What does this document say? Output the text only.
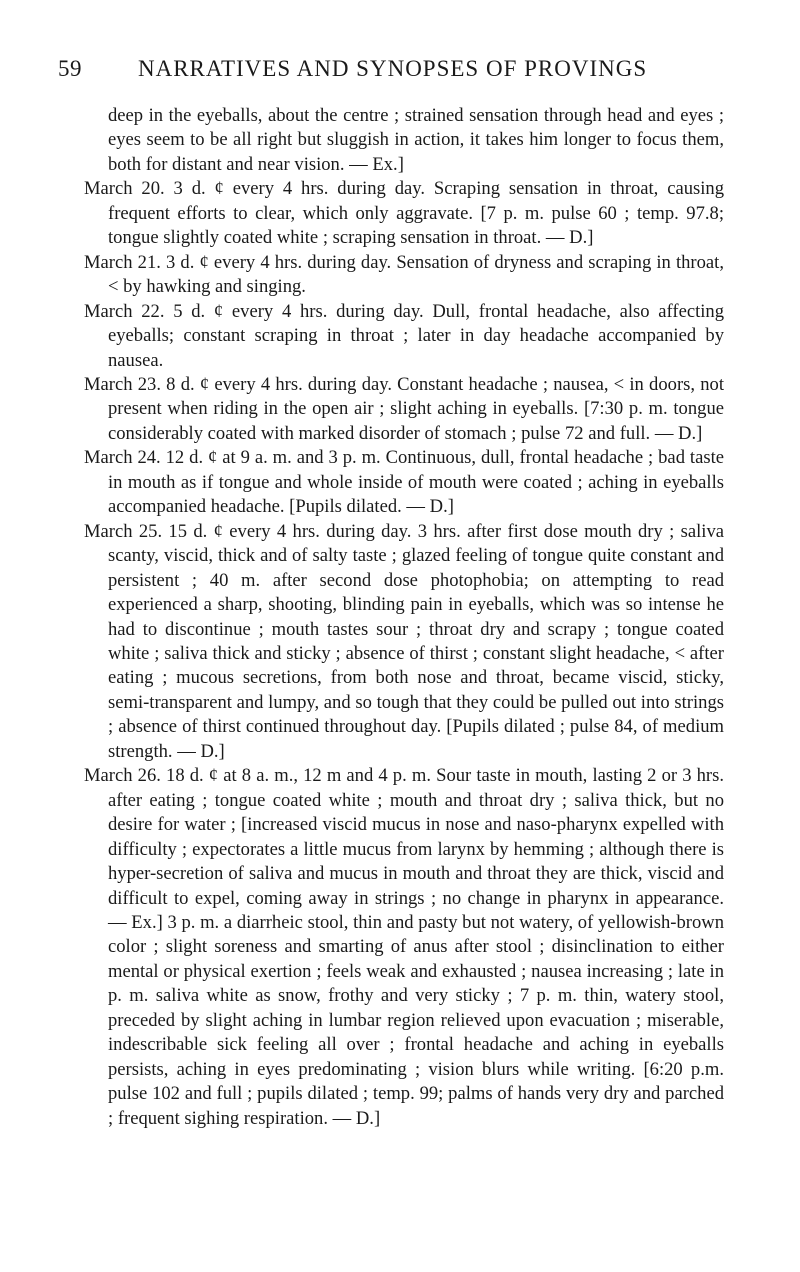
59 NARRATIVES AND SYNOPSES OF PROVINGS

deep in the eyeballs, about the centre ; strained sensation through head and eyes ; eyes seem to be all right but sluggish in action, it takes him longer to focus them, both for distant and near vision. — Ex.]

March 20. 3 d. ȼ every 4 hrs. during day. Scraping sensation in throat, causing frequent efforts to clear, which only aggravate. [7 p. m. pulse 60 ; temp. 97.8; tongue slightly coated white ; scraping sensation in throat. — D.]

March 21. 3 d. ȼ every 4 hrs. during day. Sensation of dryness and scraping in throat, < by hawking and singing.

March 22. 5 d. ȼ every 4 hrs. during day. Dull, frontal headache, also affecting eyeballs; constant scraping in throat ; later in day headache accompanied by nausea.

March 23. 8 d. ȼ every 4 hrs. during day. Constant headache ; nausea, < in doors, not present when riding in the open air ; slight aching in eyeballs. [7:30 p. m. tongue considerably coated with marked disorder of stomach ; pulse 72 and full. — D.]

March 24. 12 d. ȼ at 9 a. m. and 3 p. m. Continuous, dull, frontal headache ; bad taste in mouth as if tongue and whole inside of mouth were coated ; aching in eyeballs accompanied headache. [Pupils dilated. — D.]

March 25. 15 d. ȼ every 4 hrs. during day. 3 hrs. after first dose mouth dry ; saliva scanty, viscid, thick and of salty taste ; glazed feeling of tongue quite constant and persistent ; 40 m. after second dose photophobia; on attempting to read experienced a sharp, shooting, blinding pain in eyeballs, which was so intense he had to discontinue ; mouth tastes sour ; throat dry and scrapy ; tongue coated white ; saliva thick and sticky ; absence of thirst ; constant slight headache, < after eating ; mucous secretions, from both nose and throat, became viscid, sticky, semi-transparent and lumpy, and so tough that they could be pulled out into strings ; absence of thirst continued throughout day. [Pupils dilated ; pulse 84, of medium strength. — D.]

March 26. 18 d. ȼ at 8 a. m., 12 m and 4 p. m. Sour taste in mouth, lasting 2 or 3 hrs. after eating ; tongue coated white ; mouth and throat dry ; saliva thick, but no desire for water ; [increased viscid mucus in nose and naso-pharynx expelled with difficulty ; expectorates a little mucus from larynx by hemming ; although there is hyper-secretion of saliva and mucus in mouth and throat they are thick, viscid and difficult to expel, coming away in strings ; no change in pharynx in appearance. — Ex.] 3 p. m. a diarrheic stool, thin and pasty but not watery, of yellowish-brown color ; slight soreness and smarting of anus after stool ; disinclination to either mental or physical exertion ; feels weak and exhausted ; nausea increasing ; late in p. m. saliva white as snow, frothy and very sticky ; 7 p. m. thin, watery stool, preceded by slight aching in lumbar region relieved upon evacuation ; miserable, indescribable sick feeling all over ; frontal headache and aching in eyeballs persists, aching in eyes predominating ; vision blurs while writing. [6:20 p.m. pulse 102 and full ; pupils dilated ; temp. 99; palms of hands very dry and parched ; frequent sighing respiration. — D.]
